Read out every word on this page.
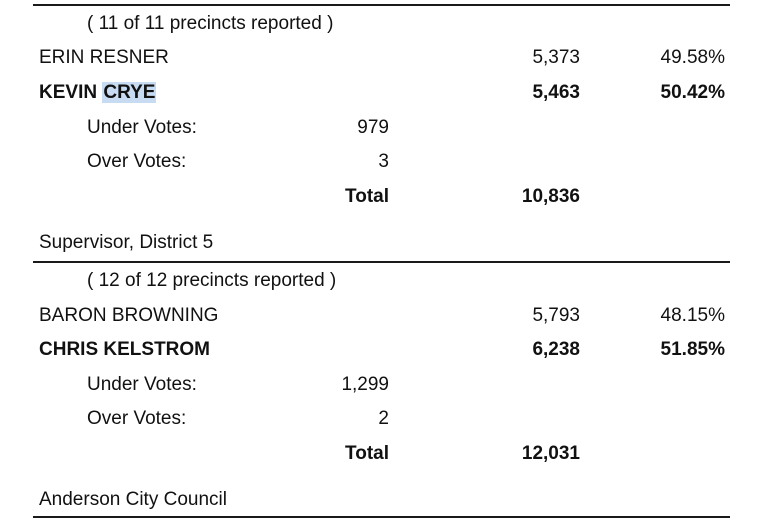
( 11 of 11 precincts reported )
ERIN RESNER	5,373	49.58%
KEVIN CRYE	5,463	50.42%
Under Votes:	979
Over Votes:	3
Total	10,836
Supervisor, District 5
( 12 of 12 precincts reported )
BARON BROWNING	5,793	48.15%
CHRIS KELSTROM	6,238	51.85%
Under Votes:	1,299
Over Votes:	2
Total	12,031
Anderson City Council
